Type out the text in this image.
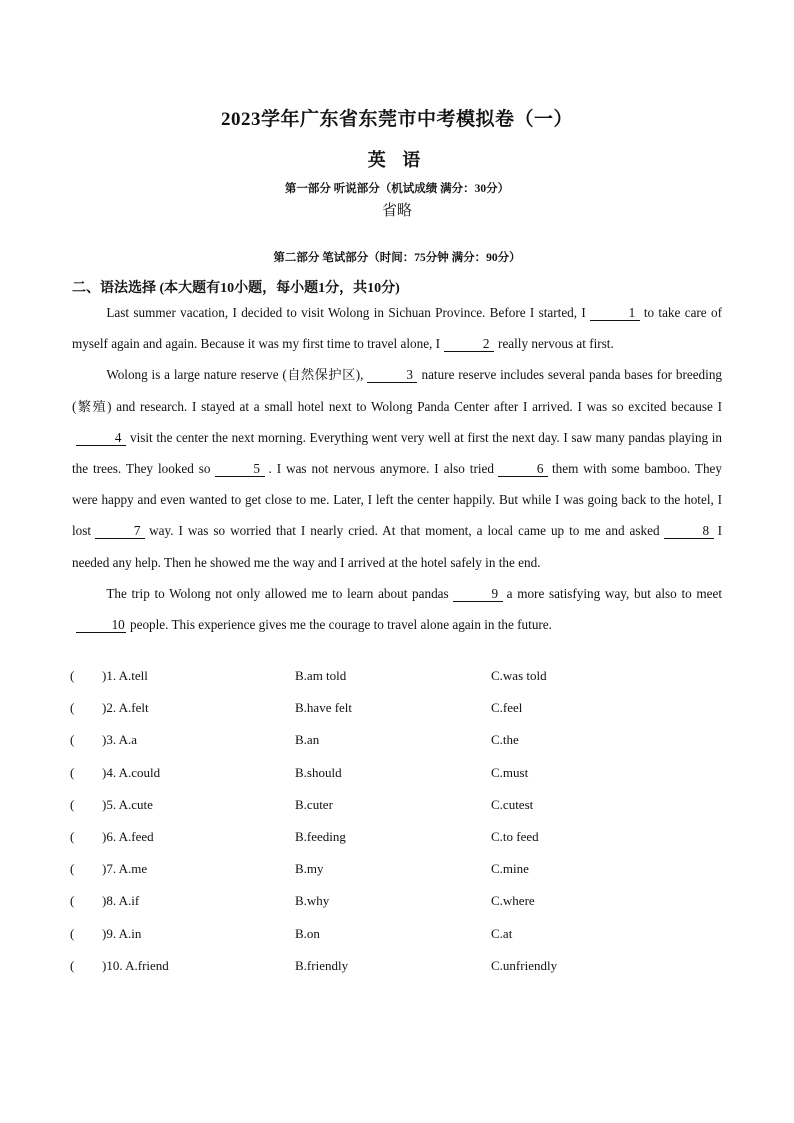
2023学年广东省东莞市中考模拟卷（一）
英 语
第一部分 听说部分（机试成绩 满分：30分）
省略
第二部分 笔试部分（时间：75分钟 满分：90分）
二、语法选择 (本大题有10小题，每小题1分，共10分)

Last summer vacation, I decided to visit Wolong in Sichuan Province. Before I started, I	1 to take care of myself again and again. Because it was my first time to travel alone, I	2 really nervous at first.

Wolong is a large nature reserve (自然保护区),	3 nature reserve includes several panda bases for breeding (繁殖) and research. I stayed at a small hotel next to Wolong Panda Center after I arrived. I was so excited because I4 visit the center the next morning. Everything went very well at first the next day. I saw many pandas playing in the trees. They looked so	5 . I was not nervous anymore. I also tried	6 them with some bamboo. They were happy and even wanted to get close to me. Later, I left the center happily. But while I was going back to the hotel, I lost	7 way. I was so worried that I nearly cried. At that moment, a local came up to me and asked	8 I needed any help. Then he showed me the way and I arrived at the hotel safely in the end.

The trip to Wolong not only allowed me to learn about pandas	9 a more satisfying way, but also to meet10 people. This experience gives me the courage to travel alone again in the future.

( )1. A.tell	B.am told	C.was told
( )2. A.felt	B.have felt	C.feel
( )3. A.a	B.an	C.the
( )4. A.could	B.should	C.must
( )5. A.cute	B.cuter	C.cutest
( )6. A.feed	B.feeding	C.to feed
( )7. A.me	B.my	C.mine
( )8. A.if	B.why	C.where
( )9. A.in	B.on	C.at
( )10. A.friend	B.friendly	C.unfriendly
